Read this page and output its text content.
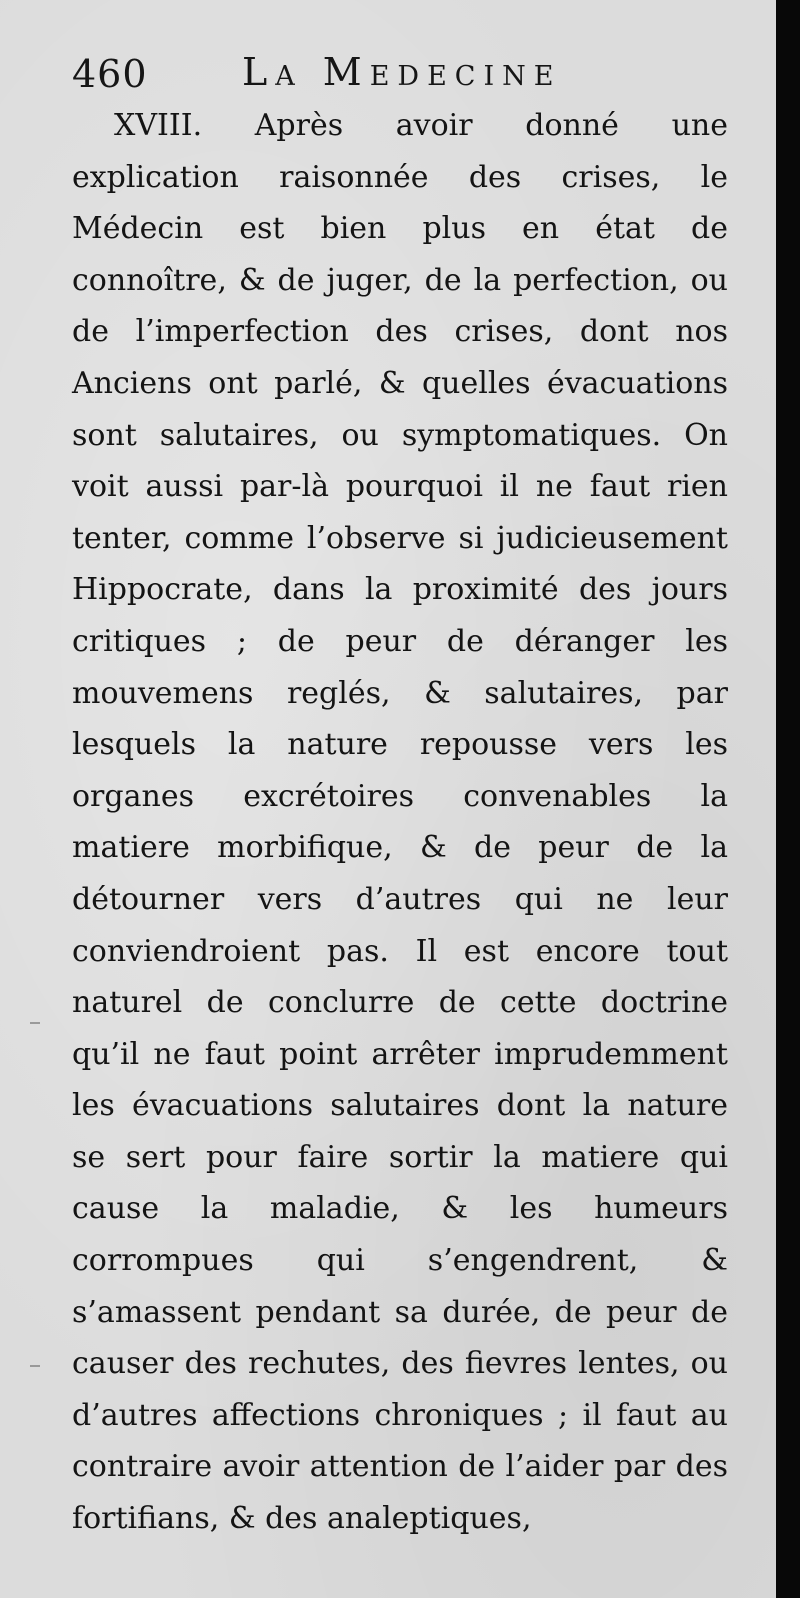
460 La Medecine

XVIII. Après avoir donné une explication raisonnée des crises, le Médecin est bien plus en état de connoître, & de juger, de la perfection, ou de l’imperfection des crises, dont nos Anciens ont parlé, & quelles évacuations sont salutaires, ou symptomatiques. On voit aussi par-là pourquoi il ne faut rien tenter, comme l’observe si judicieusement Hippocrate, dans la proximité des jours critiques ; de peur de déranger les mouvemens reglés, & salutaires, par lesquels la nature repousse vers les organes excrétoires convenables la matiere morbifique, & de peur de la détourner vers d’autres qui ne leur conviendroient pas. Il est encore tout naturel de conclurre de cette doctrine qu’il ne faut point arrêter imprudemment les évacuations salutaires dont la nature se sert pour faire sortir la matiere qui cause la maladie, & les humeurs corrompues qui s’engendrent, & s’amassent pendant sa durée, de peur de causer des rechutes, des fievres lentes, ou d’autres affections chroniques ; il faut au contraire avoir attention de l’aider par des fortifians, & des analeptiques,
